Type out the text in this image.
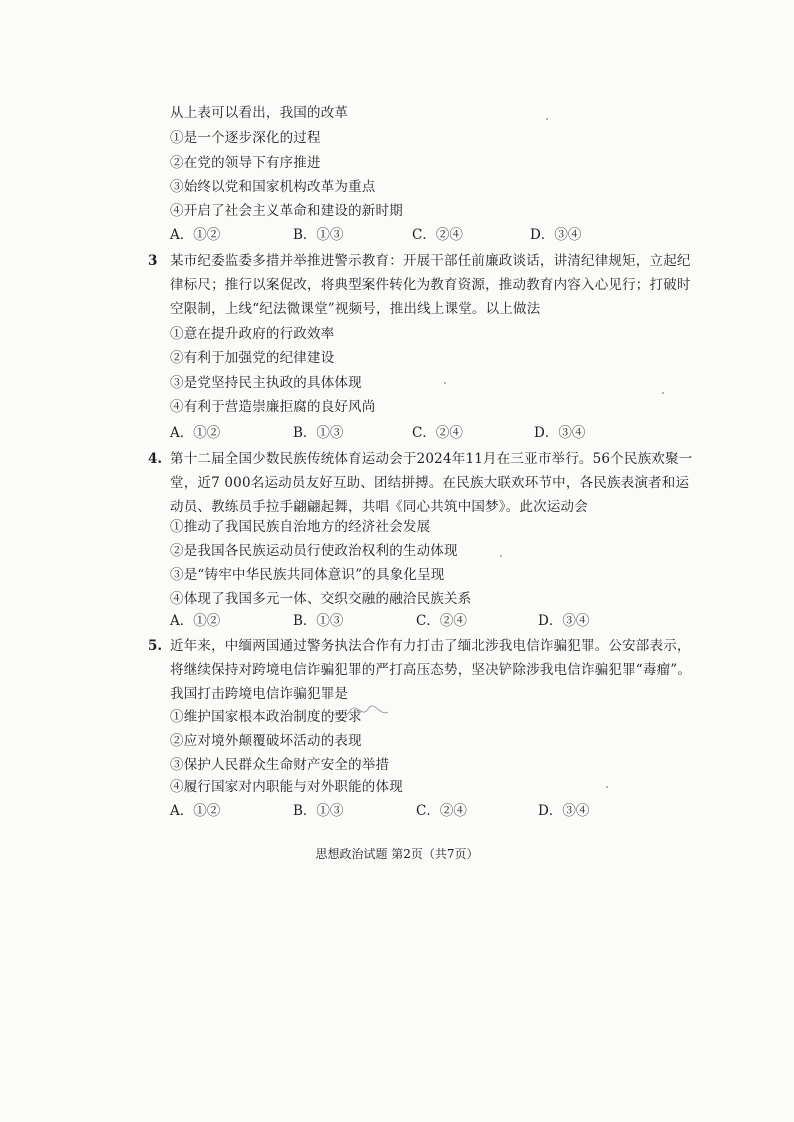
从上表可以看出，我国的改革
①是一个逐步深化的过程
②在党的领导下有序推进
③始终以党和国家机构改革为重点
④开启了社会主义革命和建设的新时期
A．①②	B．①③	C．②④	D．③④
3 某市纪委监委多措并举推进警示教育：开展干部任前廉政谈话，讲清纪律规矩，立起纪
律标尺；推行以案促改，将典型案件转化为教育资源，推动教育内容入心见行；打破时
空限制，上线“纪法微课堂”视频号，推出线上课堂。以上做法
①意在提升政府的行政效率
②有利于加强党的纪律建设
③是党坚持民主执政的具体体现
④有利于营造崇廉拒腐的良好风尚
A．①②	B．①③	C．②④	D．③④
4. 第十二届全国少数民族传统体育运动会于2024年11月在三亚市举行。56个民族欢聚一
堂，近7 000名运动员友好互助、团结拼搏。在民族大联欢环节中，各民族表演者和运
动员、教练员手拉手翩翩起舞，共唱《同心共筑中国梦》。此次运动会
①推动了我国民族自治地方的经济社会发展
②是我国各民族运动员行使政治权利的生动体现
③是“铸牢中华民族共同体意识”的具象化呈现
④体现了我国多元一体、交织交融的融洽民族关系
A．①②	B．①③	C．②④	D．③④
5. 近年来，中缅两国通过警务执法合作有力打击了缅北涉我电信诈骗犯罪。公安部表示，
将继续保持对跨境电信诈骗犯罪的严打高压态势，坚决铲除涉我电信诈骗犯罪“毒瘤”。
我国打击跨境电信诈骗犯罪是
①维护国家根本政治制度的要求
②应对境外颠覆破坏活动的表现
③保护人民群众生命财产安全的举措
④履行国家对内职能与对外职能的体现
A．①②	B．①③	C．②④	D．③④
思想政治试题 第2页（共7页）
